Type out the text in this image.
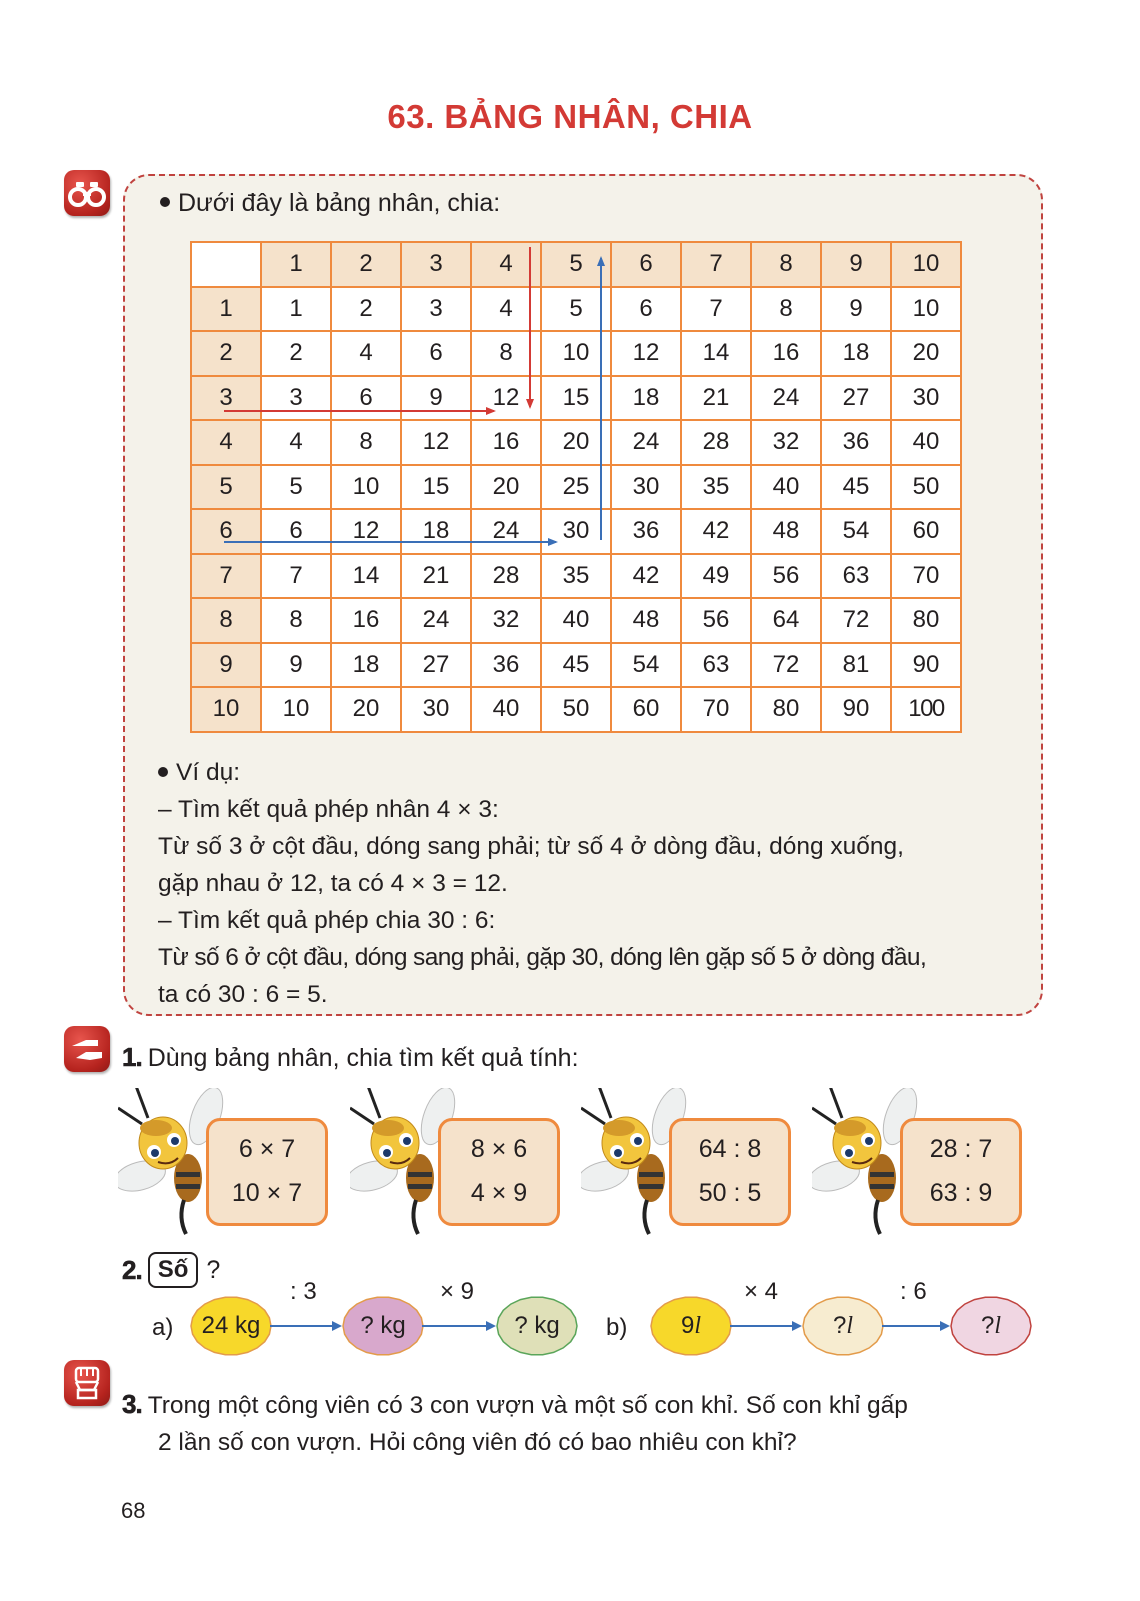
63. BẢNG NHÂN, CHIA
Dưới đây là bảng nhân, chia:
	1	2	3	4	5	6	7	8	9	10
1	1	2	3	4	5	6	7	8	9	10
2	2	4	6	8	10	12	14	16	18	20
3	3	6	9	12	15	18	21	24	27	30
4	4	8	12	16	20	24	28	32	36	40
5	5	10	15	20	25	30	35	40	45	50
6	6	12	18	24	30	36	42	48	54	60
7	7	14	21	28	35	42	49	56	63	70
8	8	16	24	32	40	48	56	64	72	80
9	9	18	27	36	45	54	63	72	81	90
10	10	20	30	40	50	60	70	80	90	100
Ví dụ:
– Tìm kết quả phép nhân 4 × 3:
Từ số 3 ở cột đầu, dóng sang phải; từ số 4 ở dòng đầu, dóng xuống,
gặp nhau ở 12, ta có 4 × 3 = 12.
– Tìm kết quả phép chia 30 : 6:
Từ số 6 ở cột đầu, dóng sang phải, gặp 30, dóng lên gặp số 5 ở dòng đầu,
ta có 30 : 6 = 5.
1. Dùng bảng nhân, chia tìm kết quả tính:
6 × 7
10 × 7
8 × 6
4 × 9
64 : 8
50 : 5
28 : 7
63 : 9
2. Số ?
a)	24 kg	? kg	? kg
: 3	× 9
b)	9 l	? l	? l
× 4	: 6
3. Trong một công viên có 3 con vượn và một số con khỉ. Số con khỉ gấp
2 lần số con vượn. Hỏi công viên đó có bao nhiêu con khỉ?
68
